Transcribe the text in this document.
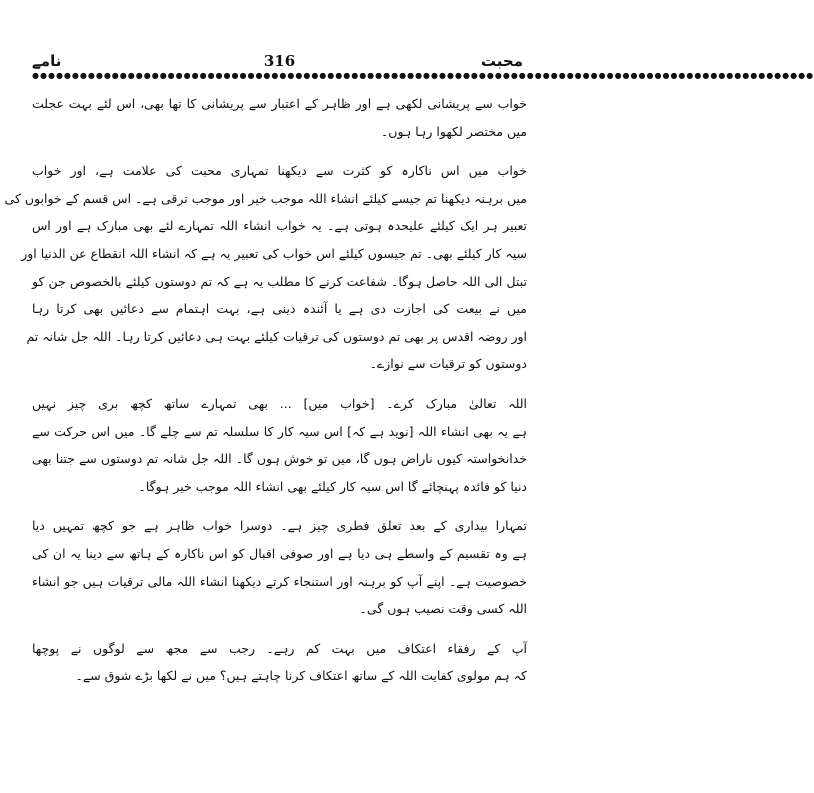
نامے	316	محبت
●●●●●●●●●●●●●●●●●●●●●●●●●●●●●●●●●●●●●●●●●●●●●●●●●●●●●●●●●●●●●●●●●●●●●●●●●●●●●●●●●●●●●●●●●●●●●●●●●●
خواب سے پریشانی لکھی ہے اور ظاہر کے اعتبار سے پریشانی کا تھا بھی، اس لئے بہت عجلت
میں مختصر لکھوا رہا ہوں۔
خواب میں اس ناکارہ کو کثرت سے دیکھنا تمہاری محبت کی علامت ہے، اور خواب
میں برہنہ دیکھنا تم جیسے کیلئے انشاء اللہ موجب خیر اور موجب ترقی ہے۔ اس قسم کے خوابوں کی
تعبیر ہر ایک کیلئے علیحدہ ہوتی ہے۔ یہ خواب انشاء اللہ تمہارے لئے بھی مبارک ہے اور اس
سیہ کار کیلئے بھی۔ تم جیسوں کیلئے اس خواب کی تعبیر یہ ہے کہ انشاء اللہ انقطاع عن الدنیا اور
تبتل الی اللہ حاصل ہوگا۔ شفاعت کرنے کا مطلب یہ ہے کہ تم دوستوں کیلئے بالخصوص جن کو
میں نے بیعت کی اجازت دی ہے یا آئندہ دینی ہے، بہت اہتمام سے دعائیں بھی کرتا رہا
اور روضہ اقدس پر بھی تم دوستوں کی ترقیات کیلئے بہت ہی دعائیں کرتا رہا۔ اللہ جل شانہ تم
دوستوں کو ترقیات سے نوازے۔
اللہ تعالیٰ مبارک کرے۔ [خواب میں] ... بھی تمہارے ساتھ کچھ بری چیز نہیں
ہے یہ بھی انشاء اللہ [نوید ہے کہ] اس سیہ کار کا سلسلہ تم سے چلے گا۔ میں اس حرکت سے
خدانخواستہ کیوں ناراض ہوں گا، میں تو خوش ہوں گا۔ اللہ جل شانہ تم دوستوں سے جتنا بھی
دنیا کو فائدہ پہنچائے گا اس سیہ کار کیلئے بھی انشاء اللہ موجب خیر ہوگا۔
تمہارا بیداری کے بعد تعلق فطری چیز ہے۔ دوسرا خواب ظاہر ہے جو کچھ تمہیں دیا
ہے وہ تقسیم کے واسطے ہی دیا ہے اور صوفی اقبال کو اس ناکارہ کے ہاتھ سے دینا یہ ان کی
خصوصیت ہے۔ اپنے آپ کو برہنہ اور استنجاء کرتے دیکھنا انشاء اللہ مالی ترقیات ہیں جو انشاء
اللہ کسی وقت نصیب ہوں گی۔
آپ کے رفقاء اعتکاف میں بہت کم رہے۔ رجب سے مجھ سے لوگوں نے پوچھا
کہ ہم مولوی کفایت اللہ کے ساتھ اعتکاف کرنا چاہتے ہیں؟ میں نے لکھا بڑے شوق سے۔
